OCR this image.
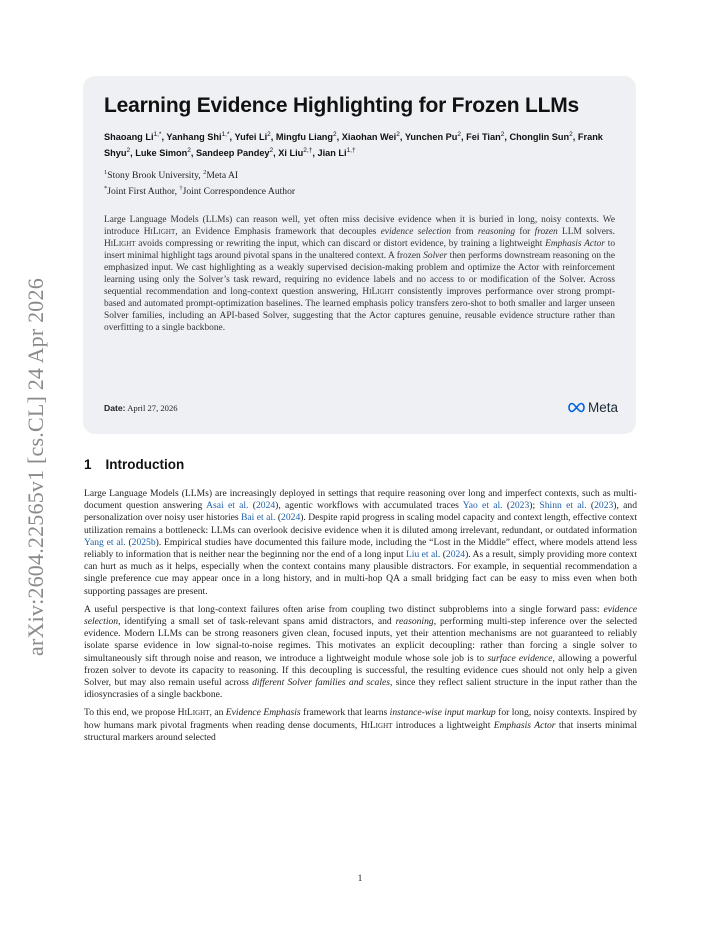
arXiv:2604.22565v1 [cs.CL] 24 Apr 2026
Learning Evidence Highlighting for Frozen LLMs
Shaoang $Li^{1,*}$, Yanhang Shi$^{1,*}$, Yufei Li$^2$, Mingfu Liang$^2$, Xiaohan Wei$^2$, Yunchen Pu$^2$, Fei Tian$^2$, Chonglin Sun$^2$, Frank Shyu$^2$, Luke Simon$^2$, Sandeep Pandey$^2$, Xi Liu$^{2,\dagger}$, Jian $Li^{1,\dagger}$
$^1$Stony Brook University, $^2$Meta AI
*Joint First Author, †Joint Correspondence Author
Large Language Models (LLMs) can reason well, yet often miss decisive evidence when it is buried in long, noisy contexts. We introduce HiLight, an Evidence Emphasis framework that decouples evidence selection from reasoning for frozen LLM solvers. HiLight avoids compressing or rewriting the input, which can discard or distort evidence, by training a lightweight Emphasis Actor to insert minimal highlight tags around pivotal spans in the unaltered context. A frozen Solver then performs downstream reasoning on the emphasized input. We cast highlighting as a weakly supervised decision-making problem and optimize the Actor with reinforcement learning using only the Solver’s task reward, requiring no evidence labels and no access to or modification of the Solver. Across sequential recommendation and long-context question answering, HiLight consistently improves performance over strong prompt-based and automated prompt-optimization baselines. The learned emphasis policy transfers zero-shot to both smaller and larger unseen Solver families, including an API-based Solver, suggesting that the Actor captures genuine, reusable evidence structure rather than overfitting to a single backbone.
Date: April 27, 2026	Meta
1 Introduction

Large Language Models (LLMs) are increasingly deployed in settings that require reasoning over long and imperfect contexts, such as multi-document question answering Asai et al. (2024), agentic workflows with accumulated traces Yao et al. (2023); Shinn et al. (2023), and personalization over noisy user histories Bai et al. (2024). Despite rapid progress in scaling model capacity and context length, effective context utilization remains a bottleneck: LLMs can overlook decisive evidence when it is diluted among irrelevant, redundant, or outdated information Yang et al. (2025b). Empirical studies have documented this failure mode, including the “Lost in the Middle” effect, where models attend less reliably to information that is neither near the beginning nor the end of a long input Liu et al. (2024). As a result, simply providing more context can hurt as much as it helps, especially when the context contains many plausible distractors. For example, in sequential recommendation a single preference cue may appear once in a long history, and in multi-hop QA a small bridging fact can be easy to miss even when both supporting passages are present.

A useful perspective is that long-context failures often arise from coupling two distinct subproblems into a single forward pass: evidence selection, identifying a small set of task-relevant spans amid distractors, and reasoning, performing multi-step inference over the selected evidence. Modern LLMs can be strong reasoners given clean, focused inputs, yet their attention mechanisms are not guaranteed to reliably isolate sparse evidence in low signal-to-noise regimes. This motivates an explicit decoupling: rather than forcing a single solver to simultaneously sift through noise and reason, we introduce a lightweight module whose sole job is to surface evidence, allowing a powerful frozen solver to devote its capacity to reasoning. If this decoupling is successful, the resulting evidence cues should not only help a given Solver, but may also remain useful across different Solver families and scales, since they reflect salient structure in the input rather than the idiosyncrasies of a single backbone.

To this end, we propose HiLight, an Evidence Emphasis framework that learns instance-wise input markup for long, noisy contexts. Inspired by how humans mark pivotal fragments when reading dense documents, HiLight introduces a lightweight Emphasis Actor that inserts minimal structural markers around selected

1
